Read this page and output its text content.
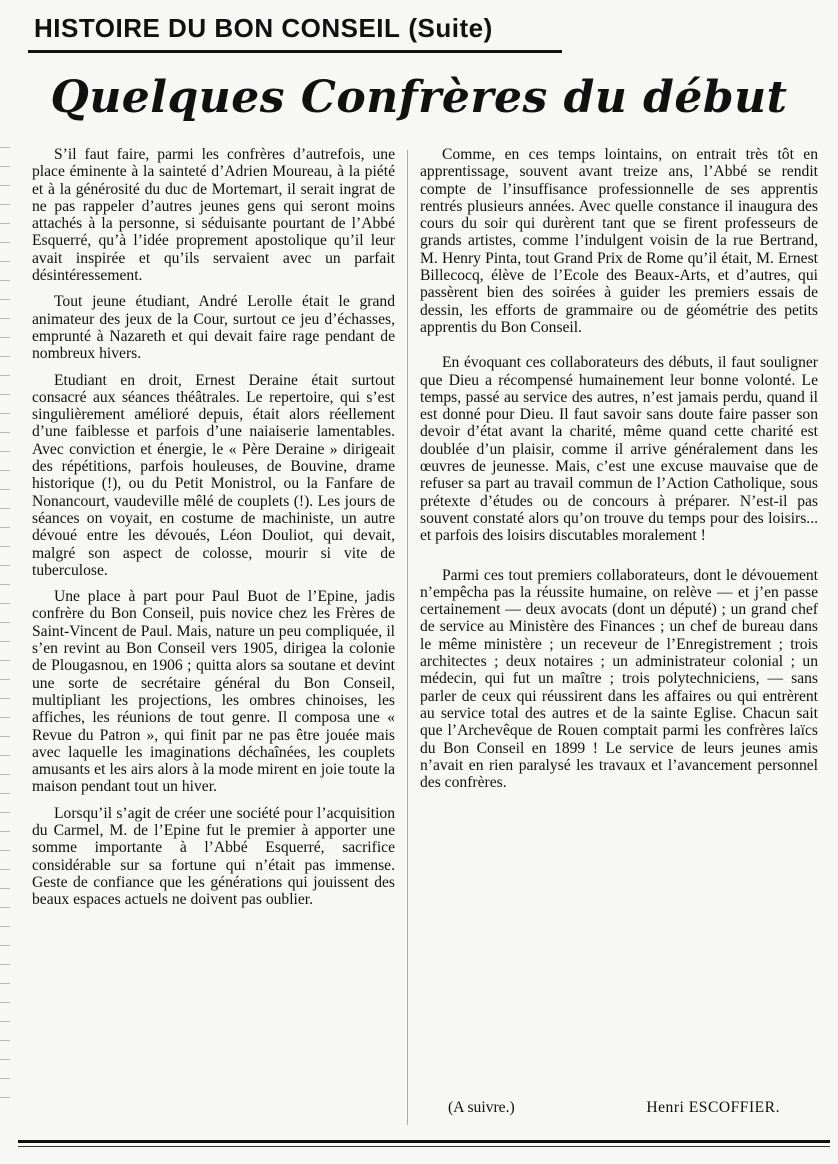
HISTOIRE DU BON CONSEIL (Suite)
Quelques Confrères du début

S’il faut faire, parmi les confrères d’autrefois, une place éminente à la sainteté d’Adrien Moureau, à la piété et à la générosité du duc de Mortemart, il serait ingrat de ne pas rappeler d’autres jeunes gens qui seront moins attachés à la personne, si séduisante pourtant de l’Abbé Esquerré, qu’à l’idée proprement apostolique qu’il leur avait inspirée et qu’ils servaient avec un parfait désintéressement.

Tout jeune étudiant, André Lerolle était le grand animateur des jeux de la Cour, surtout ce jeu d’échasses, emprunté à Nazareth et qui devait faire rage pendant de nombreux hivers.

Etudiant en droit, Ernest Deraine était surtout consacré aux séances théâtrales. Le repertoire, qui s’est singulièrement amélioré depuis, était alors réellement d’une faiblesse et parfois d’une naiaiserie lamentables. Avec conviction et énergie, le « Père Deraine » dirigeait des répétitions, parfois houleuses, de Bouvine, drame historique (!), ou du Petit Monistrol, ou la Fanfare de Nonancourt, vaudeville mêlé de couplets (!). Les jours de séances on voyait, en costume de machiniste, un autre dévoué entre les dévoués, Léon Douliot, qui devait, malgré son aspect de colosse, mourir si vite de tuberculose.

Une place à part pour Paul Buot de l’Epine, jadis confrère du Bon Conseil, puis novice chez les Frères de Saint-Vincent de Paul. Mais, nature un peu compliquée, il s’en revint au Bon Conseil vers 1905, dirigea la colonie de Plougasnou, en 1906 ; quitta alors sa soutane et devint une sorte de secrétaire général du Bon Conseil, multipliant les projections, les ombres chinoises, les affiches, les réunions de tout genre. Il composa une « Revue du Patron », qui finit par ne pas être jouée mais avec laquelle les imaginations déchaînées, les couplets amusants et les airs alors à la mode mirent en joie toute la maison pendant tout un hiver.

Lorsqu’il s’agit de créer une société pour l’acquisition du Carmel, M. de l’Epine fut le premier à apporter une somme importante à l’Abbé Esquerré, sacrifice considérable sur sa fortune qui n’était pas immense. Geste de confiance que les générations qui jouissent des beaux espaces actuels ne doivent pas oublier.

Comme, en ces temps lointains, on entrait très tôt en apprentissage, souvent avant treize ans, l’Abbé se rendit compte de l’insuffisance professionnelle de ses apprentis rentrés plusieurs années. Avec quelle constance il inaugura des cours du soir qui durèrent tant que se firent professeurs de grands artistes, comme l’indulgent voisin de la rue Bertrand, M. Henry Pinta, tout Grand Prix de Rome qu’il était, M. Ernest Billecocq, élève de l’Ecole des Beaux-Arts, et d’autres, qui passèrent bien des soirées à guider les premiers essais de dessin, les efforts de grammaire ou de géométrie des petits apprentis du Bon Conseil.

En évoquant ces collaborateurs des débuts, il faut souligner que Dieu a récompensé humainement leur bonne volonté. Le temps, passé au service des autres, n’est jamais perdu, quand il est donné pour Dieu. Il faut savoir sans doute faire passer son devoir d’état avant la charité, même quand cette charité est doublée d’un plaisir, comme il arrive généralement dans les œuvres de jeunesse. Mais, c’est une excuse mauvaise que de refuser sa part au travail commun de l’Action Catholique, sous prétexte d’études ou de concours à préparer. N’est-il pas souvent constaté alors qu’on trouve du temps pour des loisirs... et parfois des loisirs discutables moralement !

Parmi ces tout premiers collaborateurs, dont le dévouement n’empêcha pas la réussite humaine, on relève — et j’en passe certainement — deux avocats (dont un député) ; un grand chef de service au Ministère des Finances ; un chef de bureau dans le même ministère ; un receveur de l’Enregistrement ; trois architectes ; deux notaires ; un administrateur colonial ; un médecin, qui fut un maître ; trois polytechniciens, — sans parler de ceux qui réussirent dans les affaires ou qui entrèrent au service total des autres et de la sainte Eglise. Chacun sait que l’Archevêque de Rouen comptait parmi les confrères laïcs du Bon Conseil en 1899 ! Le service de leurs jeunes amis n’avait en rien paralysé les travaux et l’avancement personnel des confrères.

(A suivre.)	Henri ESCOFFIER.
